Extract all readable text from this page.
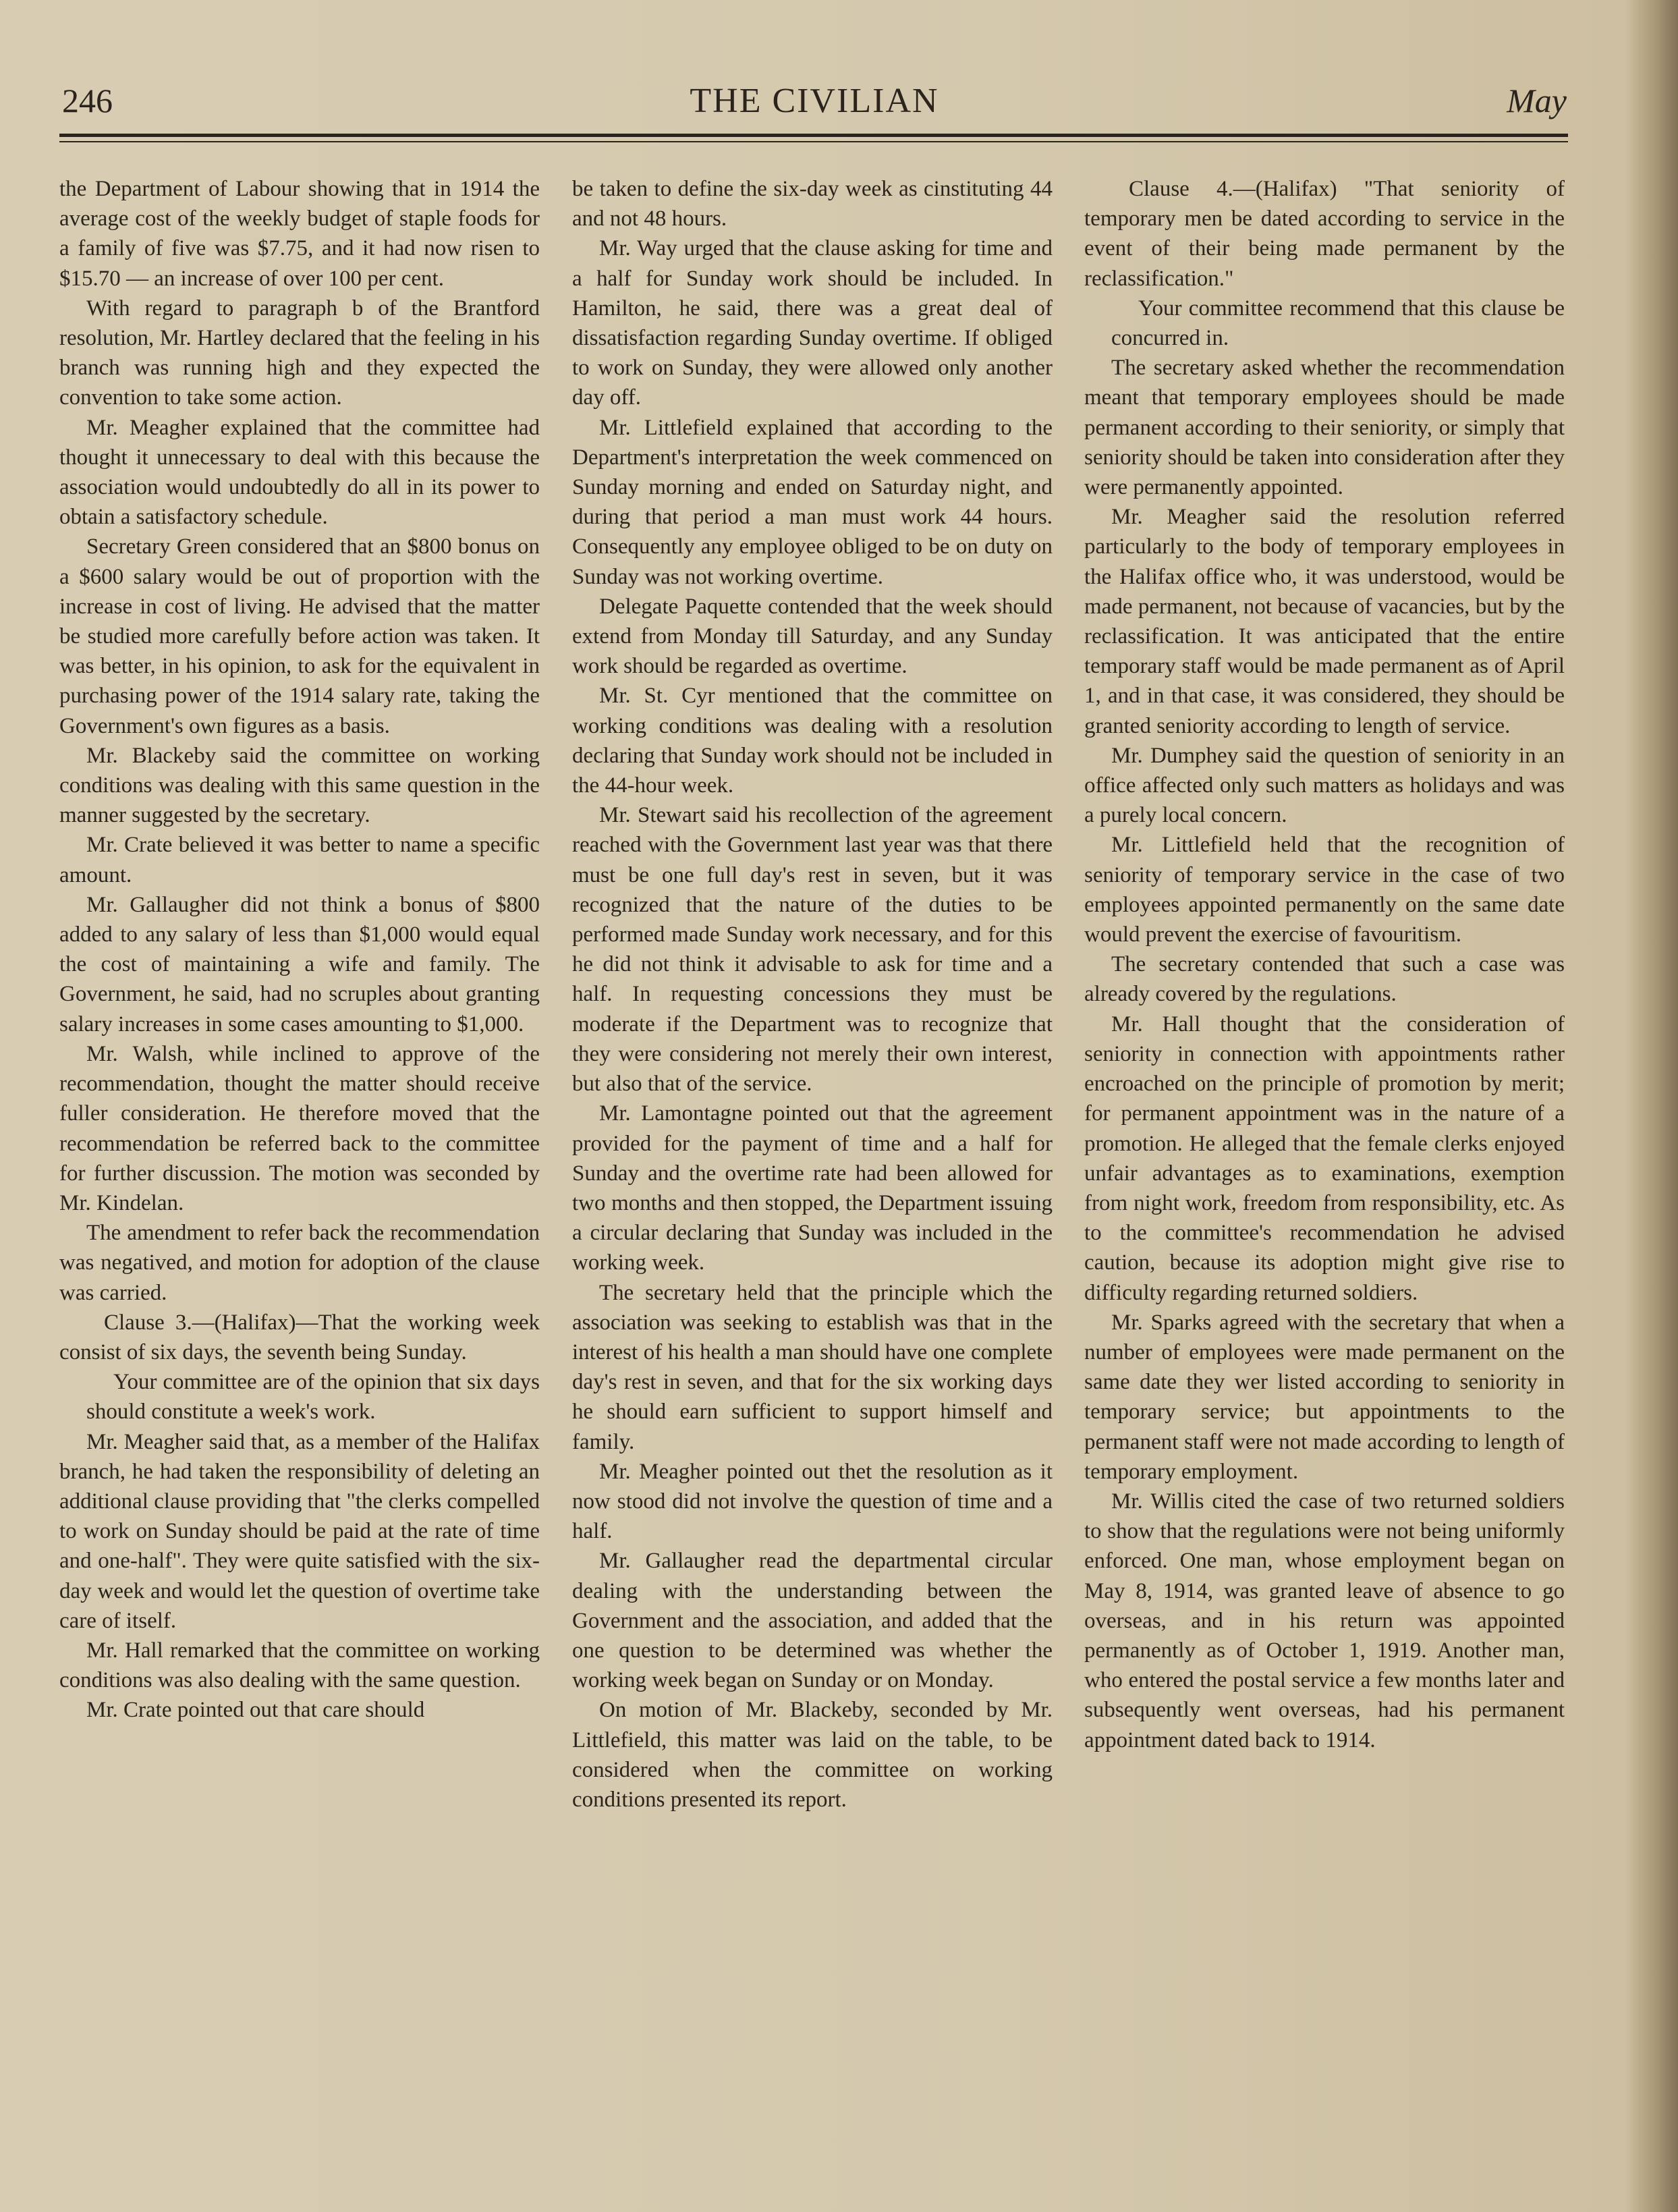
246	THE CIVILIAN	May

the Department of Labour showing that in 1914 the average cost of the weekly budget of staple foods for a family of five was $7.75, and it had now risen to $15.70 — an increase of over 100 per cent.

With regard to paragraph b of the Brantford resolution, Mr. Hartley declared that the feeling in his branch was running high and they expected the convention to take some action.

Mr. Meagher explained that the committee had thought it unnecessary to deal with this because the association would undoubtedly do all in its power to obtain a satisfactory schedule.

Secretary Green considered that an $800 bonus on a $600 salary would be out of proportion with the increase in cost of living. He advised that the matter be studied more carefully before action was taken. It was better, in his opinion, to ask for the equivalent in purchasing power of the 1914 salary rate, taking the Government's own figures as a basis.

Mr. Blackeby said the committee on working conditions was dealing with this same question in the manner suggested by the secretary.

Mr. Crate believed it was better to name a specific amount.

Mr. Gallaugher did not think a bonus of $800 added to any salary of less than $1,000 would equal the cost of maintaining a wife and family. The Government, he said, had no scruples about granting salary increases in some cases amounting to $1,000.

Mr. Walsh, while inclined to approve of the recommendation, thought the matter should receive fuller consideration. He therefore moved that the recommendation be referred back to the committee for further discussion. The motion was seconded by Mr. Kindelan.

The amendment to refer back the recommendation was negatived, and motion for adoption of the clause was carried.

Clause 3.—(Halifax)—That the working week consist of six days, the seventh being Sunday.

Your committee are of the opinion that six days should constitute a week's work.

Mr. Meagher said that, as a member of the Halifax branch, he had taken the responsibility of deleting an additional clause providing that "the clerks compelled to work on Sunday should be paid at the rate of time and one-half". They were quite satisfied with the six-day week and would let the question of overtime take care of itself.

Mr. Hall remarked that the committee on working conditions was also dealing with the same question.

Mr. Crate pointed out that care should

be taken to define the six-day week as cinstituting 44 and not 48 hours.

Mr. Way urged that the clause asking for time and a half for Sunday work should be included. In Hamilton, he said, there was a great deal of dissatisfaction regarding Sunday overtime. If obliged to work on Sunday, they were allowed only another day off.

Mr. Littlefield explained that according to the Department's interpretation the week commenced on Sunday morning and ended on Saturday night, and during that period a man must work 44 hours. Consequently any employee obliged to be on duty on Sunday was not working overtime.

Delegate Paquette contended that the week should extend from Monday till Saturday, and any Sunday work should be regarded as overtime.

Mr. St. Cyr mentioned that the committee on working conditions was dealing with a resolution declaring that Sunday work should not be included in the 44-hour week.

Mr. Stewart said his recollection of the agreement reached with the Government last year was that there must be one full day's rest in seven, but it was recognized that the nature of the duties to be performed made Sunday work necessary, and for this he did not think it advisable to ask for time and a half. In requesting concessions they must be moderate if the Department was to recognize that they were considering not merely their own interest, but also that of the service.

Mr. Lamontagne pointed out that the agreement provided for the payment of time and a half for Sunday and the overtime rate had been allowed for two months and then stopped, the Department issuing a circular declaring that Sunday was included in the working week.

The secretary held that the principle which the association was seeking to establish was that in the interest of his health a man should have one complete day's rest in seven, and that for the six working days he should earn sufficient to support himself and family.

Mr. Meagher pointed out thet the resolution as it now stood did not involve the question of time and a half.

Mr. Gallaugher read the departmental circular dealing with the understanding between the Government and the association, and added that the one question to be determined was whether the working week began on Sunday or on Monday.

On motion of Mr. Blackeby, seconded by Mr. Littlefield, this matter was laid on the table, to be considered when the committee on working conditions presented its report.

Clause 4.—(Halifax) "That seniority of temporary men be dated according to service in the event of their being made permanent by the reclassification."

Your committee recommend that this clause be concurred in.

The secretary asked whether the recommendation meant that temporary employees should be made permanent according to their seniority, or simply that seniority should be taken into consideration after they were permanently appointed.

Mr. Meagher said the resolution referred particularly to the body of temporary employees in the Halifax office who, it was understood, would be made permanent, not because of vacancies, but by the reclassification. It was anticipated that the entire temporary staff would be made permanent as of April 1, and in that case, it was considered, they should be granted seniority according to length of service.

Mr. Dumphey said the question of seniority in an office affected only such matters as holidays and was a purely local concern.

Mr. Littlefield held that the recognition of seniority of temporary service in the case of two employees appointed permanently on the same date would prevent the exercise of favouritism.

The secretary contended that such a case was already covered by the regulations.

Mr. Hall thought that the consideration of seniority in connection with appointments rather encroached on the principle of promotion by merit; for permanent appointment was in the nature of a promotion. He alleged that the female clerks enjoyed unfair advantages as to examinations, exemption from night work, freedom from responsibility, etc. As to the committee's recommendation he advised caution, because its adoption might give rise to difficulty regarding returned soldiers.

Mr. Sparks agreed with the secretary that when a number of employees were made permanent on the same date they wer listed according to seniority in temporary service; but appointments to the permanent staff were not made according to length of temporary employment.

Mr. Willis cited the case of two returned soldiers to show that the regulations were not being uniformly enforced. One man, whose employment began on May 8, 1914, was granted leave of absence to go overseas, and in his return was appointed permanently as of October 1, 1919. Another man, who entered the postal service a few months later and subsequently went overseas, had his permanent appointment dated back to 1914.
